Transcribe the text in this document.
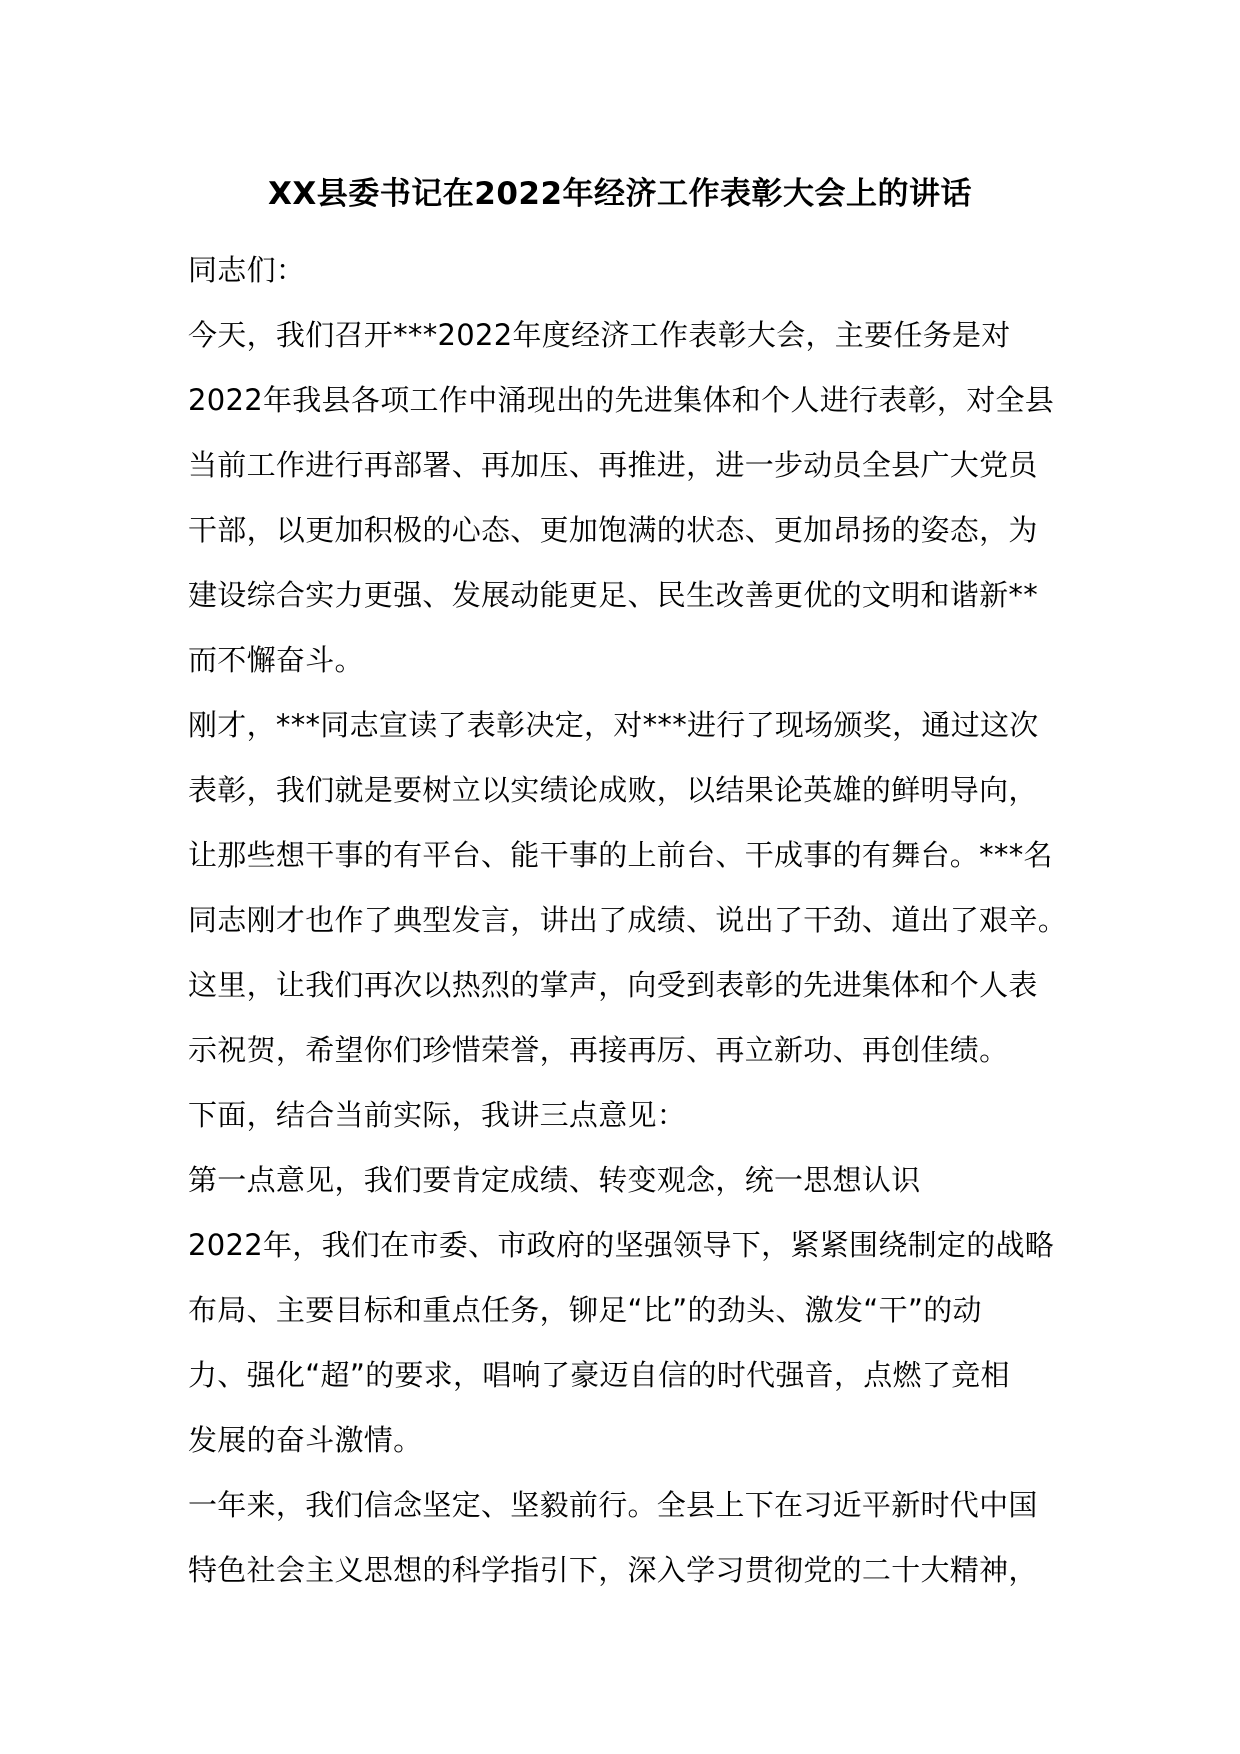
XX县委书记在2022年经济工作表彰大会上的讲话
同志们：
今天，我们召开***2022年度经济工作表彰大会，主要任务是对
2022年我县各项工作中涌现出的先进集体和个人进行表彰，对全县
当前工作进行再部署、再加压、再推进，进一步动员全县广大党员
干部，以更加积极的心态、更加饱满的状态、更加昂扬的姿态，为
建设综合实力更强、发展动能更足、民生改善更优的文明和谐新**
而不懈奋斗。
刚才，***同志宣读了表彰决定，对***进行了现场颁奖，通过这次
表彰，我们就是要树立以实绩论成败，以结果论英雄的鲜明导向，
让那些想干事的有平台、能干事的上前台、干成事的有舞台。***名
同志刚才也作了典型发言，讲出了成绩、说出了干劲、道出了艰辛。
这里，让我们再次以热烈的掌声，向受到表彰的先进集体和个人表
示祝贺，希望你们珍惜荣誉，再接再厉、再立新功、再创佳绩。
下面，结合当前实际，我讲三点意见：
第一点意见，我们要肯定成绩、转变观念，统一思想认识
2022年，我们在市委、市政府的坚强领导下，紧紧围绕制定的战略
布局、主要目标和重点任务，铆足“比”的劲头、激发“干”的动
力、强化“超”的要求，唱响了豪迈自信的时代强音，点燃了竞相
发展的奋斗激情。
一年来，我们信念坚定、坚毅前行。全县上下在习近平新时代中国
特色社会主义思想的科学指引下，深入学习贯彻党的二十大精神，
